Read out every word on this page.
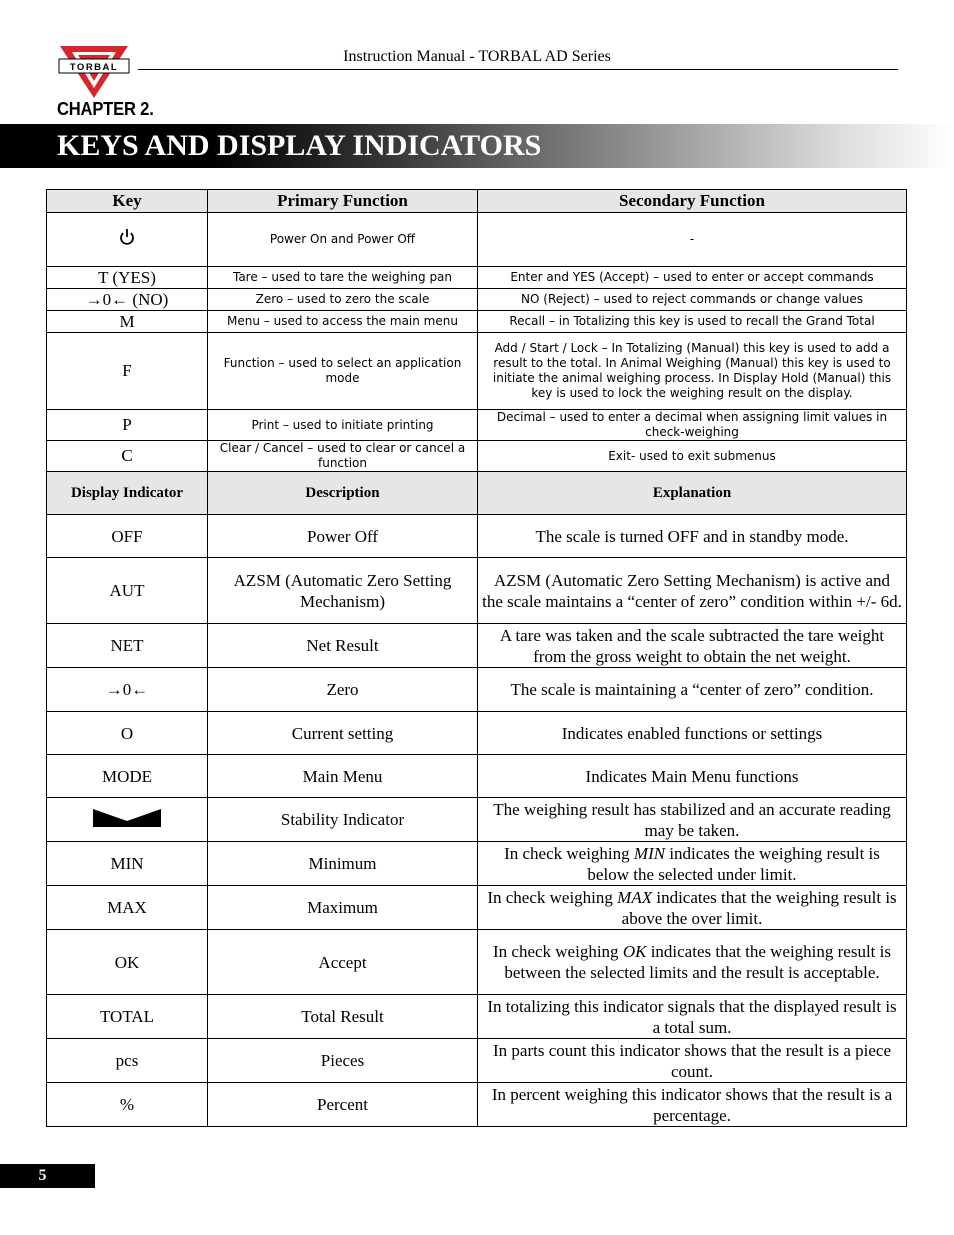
TORBAL
Instruction Manual - TORBAL AD Series
CHAPTER 2.
KEYS AND DISPLAY INDICATORS
Key	Primary Function	Secondary Function
	Power On and Power Off	-
T (YES)	Tare – used to tare the weighing pan	Enter and YES (Accept) – used to enter or accept commands
→0← (NO)	Zero – used to zero the scale	NO (Reject) – used to reject commands or change values
M	Menu – used to access the main menu	Recall – in Totalizing this key is used to recall the Grand Total
F	Function – used to select an application mode	Add / Start / Lock – In Totalizing (Manual) this key is used to add a result to the total. In Animal Weighing (Manual) this key is used to initiate the animal weighing process. In Display Hold (Manual) this key is used to lock the weighing result on the display.
P	Print – used to initiate printing	Decimal – used to enter a decimal when assigning limit values in check-weighing
C	Clear / Cancel – used to clear or cancel a function	Exit- used to exit submenus
Display Indicator	Description	Explanation
OFF	Power Off	The scale is turned OFF and in standby mode.
AUT	AZSM (Automatic Zero Setting Mechanism)	AZSM (Automatic Zero Setting Mechanism) is active and the scale maintains a “center of zero” condition within +/- 6d.
NET	Net Result	A tare was taken and the scale subtracted the tare weight from the gross weight to obtain the net weight.
→0←	Zero	The scale is maintaining a “center of zero” condition.
O	Current setting	Indicates enabled functions or settings
MODE	Main Menu	Indicates Main Menu functions
	Stability Indicator	The weighing result has stabilized and an accurate reading may be taken.
MIN	Minimum	In check weighing MIN indicates the weighing result is below the selected under limit.
MAX	Maximum	In check weighing MAX indicates that the weighing result is above the over limit.
OK	Accept	In check weighing OK indicates that the weighing result is between the selected limits and the result is acceptable.
TOTAL	Total Result	In totalizing this indicator signals that the displayed result is a total sum.
pcs	Pieces	In parts count this indicator shows that the result is a piece count.
%	Percent	In percent weighing this indicator shows that the result is a percentage.
5
